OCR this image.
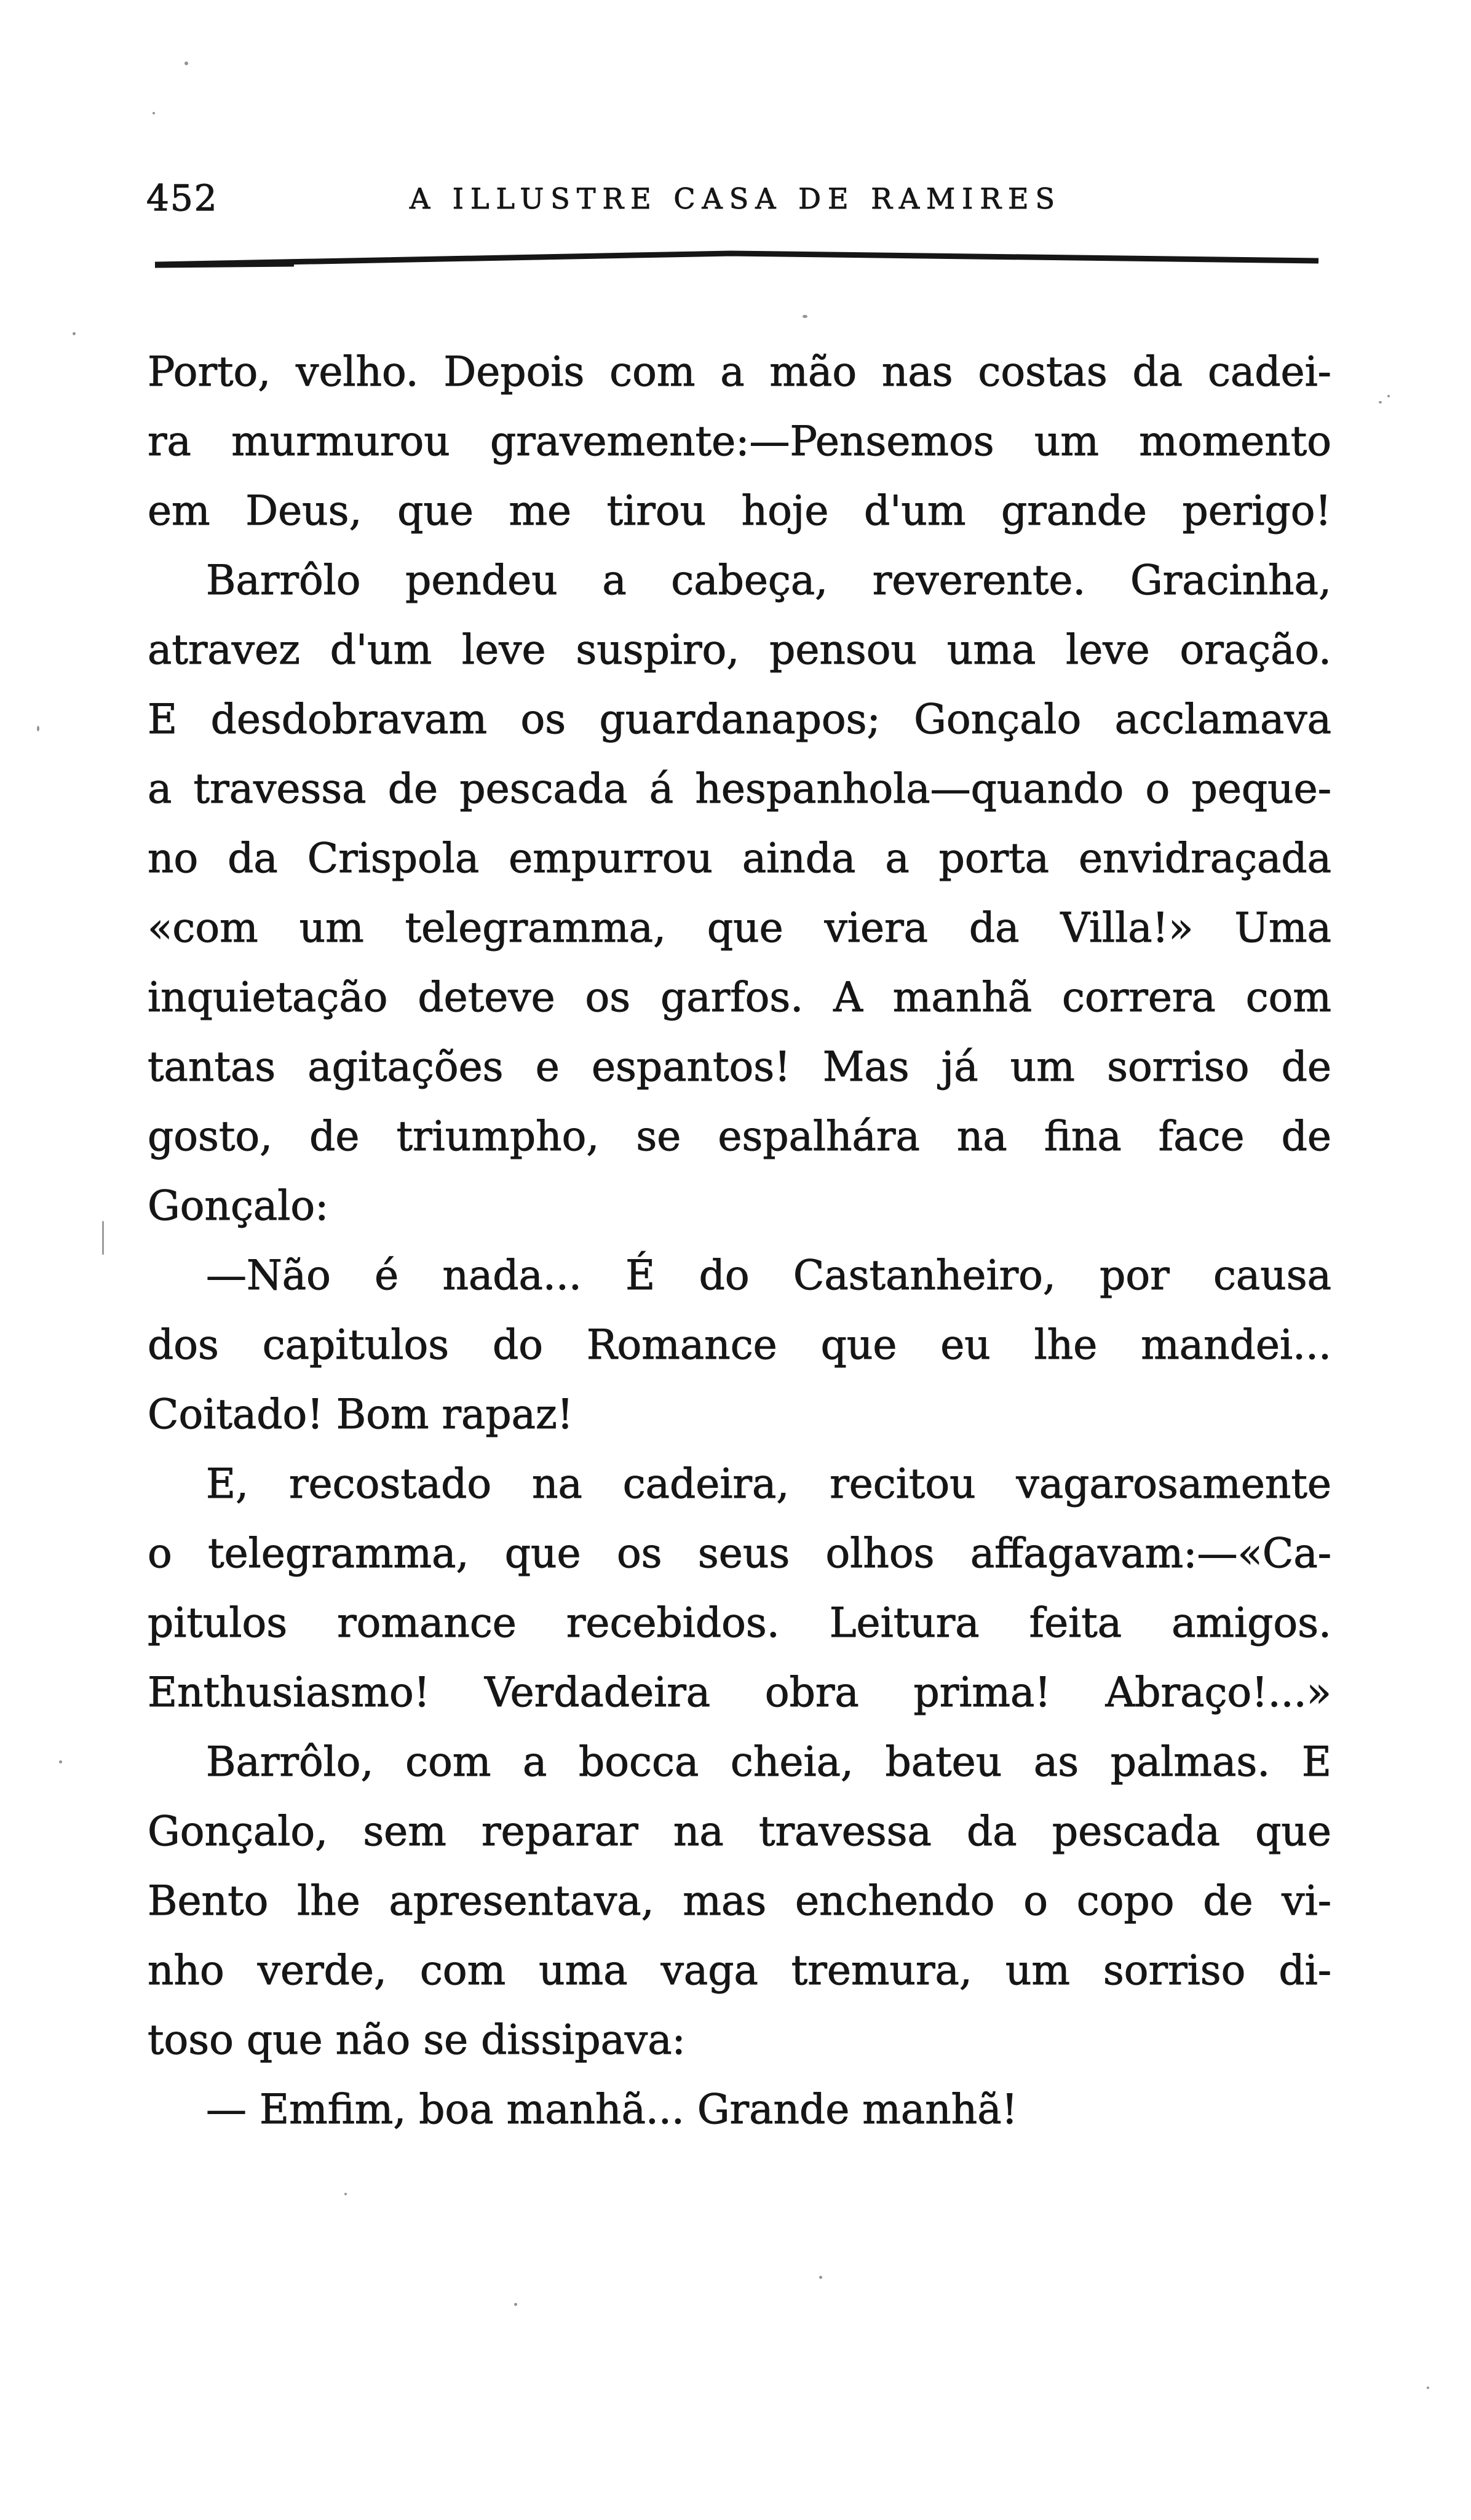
452	A ILLUSTRE CASA DE RAMIRES
Porto, velho. Depois com a mão nas costas da cadei-
ra murmurou gravemente:—Pensemos um momento
em Deus, que me tirou hoje d'um grande perigo!
Barrôlo pendeu a cabeça, reverente. Gracinha,
atravez d'um leve suspiro, pensou uma leve oração.
E desdobravam os guardanapos; Gonçalo acclamava
a travessa de pescada á hespanhola—quando o peque-
no da Crispola empurrou ainda a porta envidraçada
«com um telegramma, que viera da Villa!» Uma
inquietação deteve os garfos. A manhã correra com
tantas agitações e espantos! Mas já um sorriso de
gosto, de triumpho, se espalhára na fina face de
Gonçalo:
—Não é nada... É do Castanheiro, por causa
dos capitulos do Romance que eu lhe mandei...
Coitado! Bom rapaz!
E, recostado na cadeira, recitou vagarosamente
o telegramma, que os seus olhos affagavam:—«Ca-
pitulos romance recebidos. Leitura feita amigos.
Enthusiasmo! Verdadeira obra prima! Abraço!...»
Barrôlo, com a bocca cheia, bateu as palmas. E
Gonçalo, sem reparar na travessa da pescada que
Bento lhe apresentava, mas enchendo o copo de vi-
nho verde, com uma vaga tremura, um sorriso di-
toso que não se dissipava:
— Emfim, boa manhã... Grande manhã!
